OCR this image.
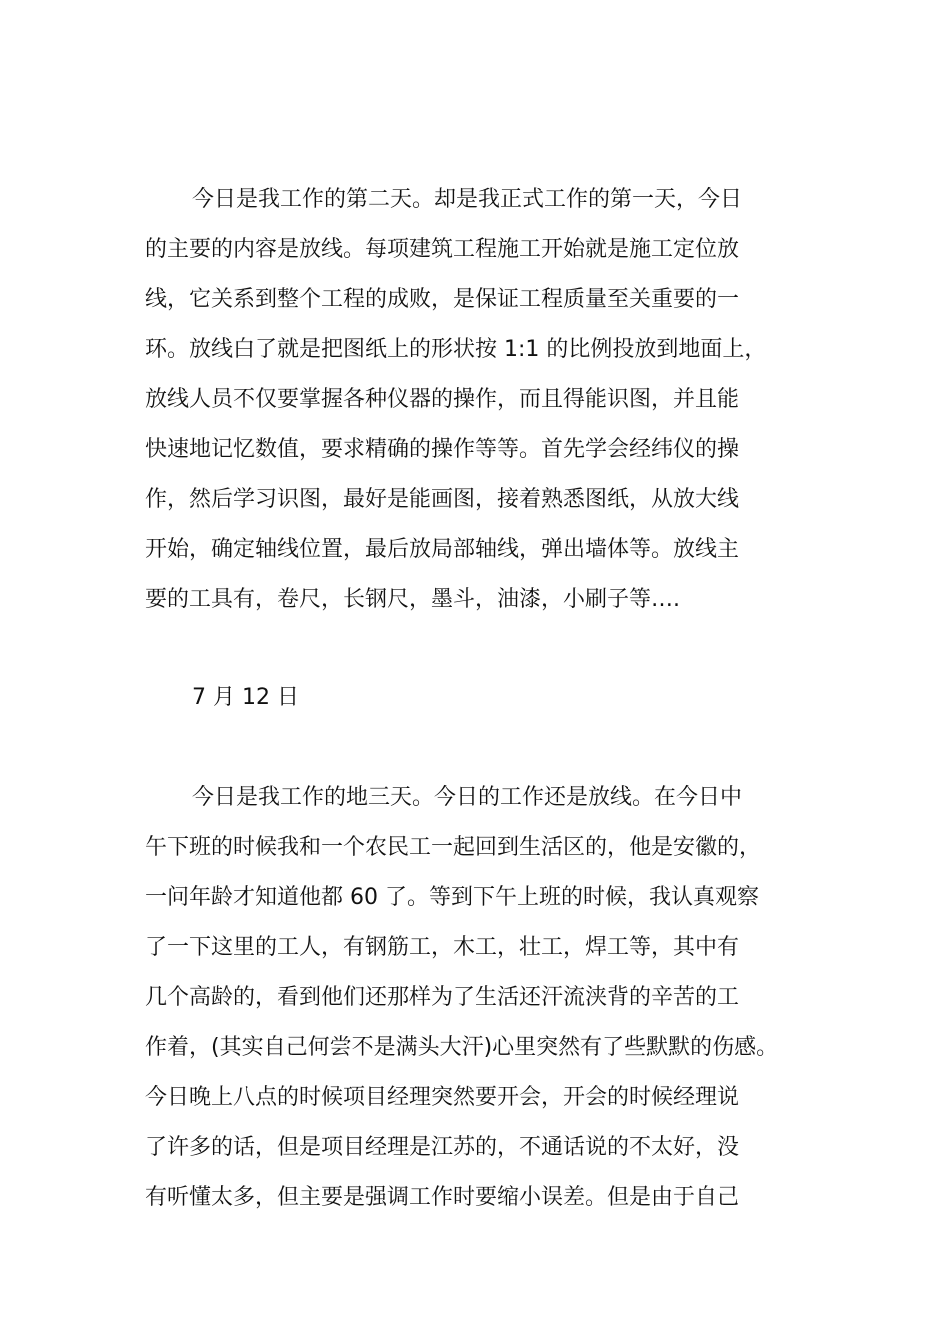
今日是我工作的第二天。却是我正式工作的第一天，今日
的主要的内容是放线。每项建筑工程施工开始就是施工定位放
线，它关系到整个工程的成败，是保证工程质量至关重要的一
环。放线白了就是把图纸上的形状按 1:1 的比例投放到地面上，
放线人员不仅要掌握各种仪器的操作，而且得能识图，并且能
快速地记忆数值，要求精确的操作等等。首先学会经纬仪的操
作，然后学习识图，最好是能画图，接着熟悉图纸，从放大线
开始，确定轴线位置，最后放局部轴线，弹出墙体等。放线主
要的工具有，卷尺，长钢尺，墨斗，油漆，小刷子等….
7 月 12 日
今日是我工作的地三天。今日的工作还是放线。在今日中
午下班的时候我和一个农民工一起回到生活区的，他是安徽的，
一问年龄才知道他都 60 了。等到下午上班的时候，我认真观察
了一下这里的工人，有钢筋工，木工，壮工，焊工等，其中有
几个高龄的，看到他们还那样为了生活还汗流浃背的辛苦的工
作着，(其实自己何尝不是满头大汗)心里突然有了些默默的伤感。
今日晚上八点的时候项目经理突然要开会，开会的时候经理说
了许多的话，但是项目经理是江苏的，不通话说的不太好，没
有听懂太多，但主要是强调工作时要缩小误差。但是由于自己
